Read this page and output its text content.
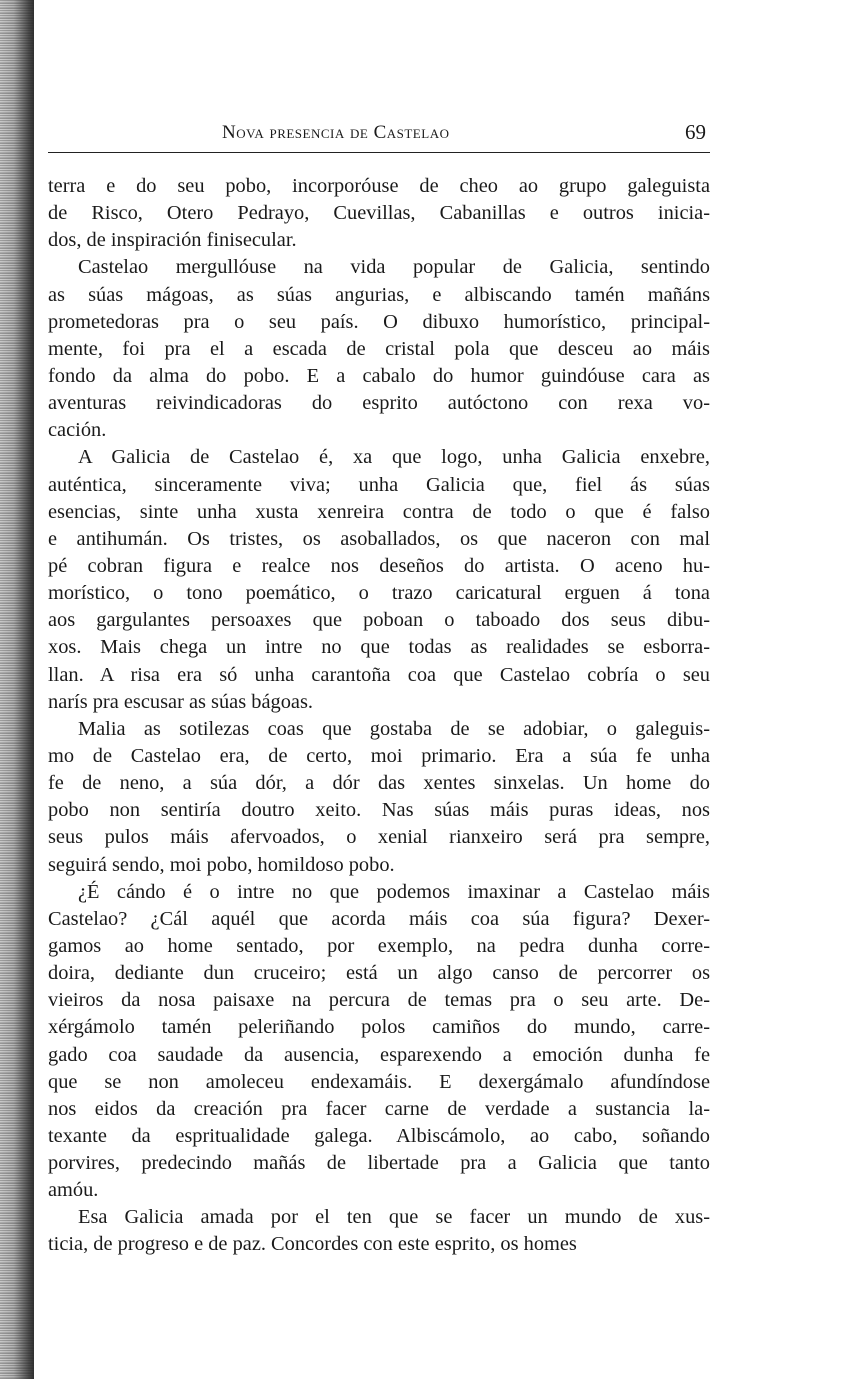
Nova presencia de Castelao	69
terra e do seu pobo, incorporóuse de cheo ao grupo galeguista
de Risco, Otero Pedrayo, Cuevillas, Cabanillas e outros inicia-
dos, de inspiración finisecular.
Castelao mergullóuse na vida popular de Galicia, sentindo
as súas mágoas, as súas angurias, e albiscando tamén mañáns
prometedoras pra o seu país. O dibuxo humorístico, principal-
mente, foi pra el a escada de cristal pola que desceu ao máis
fondo da alma do pobo. E a cabalo do humor guindóuse cara as
aventuras reivindicadoras do esprito autóctono con rexa vo-
cación.
A Galicia de Castelao é, xa que logo, unha Galicia enxebre,
auténtica, sinceramente viva; unha Galicia que, fiel ás súas
esencias, sinte unha xusta xenreira contra de todo o que é falso
e antihumán. Os tristes, os asoballados, os que naceron con mal
pé cobran figura e realce nos deseños do artista. O aceno hu-
morístico, o tono poemático, o trazo caricatural erguen á tona
aos gargulantes persoaxes que poboan o taboado dos seus dibu-
xos. Mais chega un intre no que todas as realidades se esborra-
llan. A risa era só unha carantoña coa que Castelao cobría o seu
narís pra escusar as súas bágoas.
Malia as sotilezas coas que gostaba de se adobiar, o galeguis-
mo de Castelao era, de certo, moi primario. Era a súa fe unha
fe de neno, a súa dór, a dór das xentes sinxelas. Un home do
pobo non sentiría doutro xeito. Nas súas máis puras ideas, nos
seus pulos máis afervoados, o xenial rianxeiro será pra sempre,
seguirá sendo, moi pobo, homildoso pobo.
¿É cándo é o intre no que podemos imaxinar a Castelao máis
Castelao? ¿Cál aquél que acorda máis coa súa figura? Dexer-
gamos ao home sentado, por exemplo, na pedra dunha corre-
doira, dediante dun cruceiro; está un algo canso de percorrer os
vieiros da nosa paisaxe na percura de temas pra o seu arte. De-
xérgámolo tamén peleriñando polos camiños do mundo, carre-
gado coa saudade da ausencia, esparexendo a emoción dunha fe
que se non amoleceu endexamáis. E dexergámalo afundíndose
nos eidos da creación pra facer carne de verdade a sustancia la-
texante da espritualidade galega. Albiscámolo, ao cabo, soñando
porvires, predecindo mañás de libertade pra a Galicia que tanto
amóu.
Esa Galicia amada por el ten que se facer un mundo de xus-
ticia, de progreso e de paz. Concordes con este esprito, os homes
